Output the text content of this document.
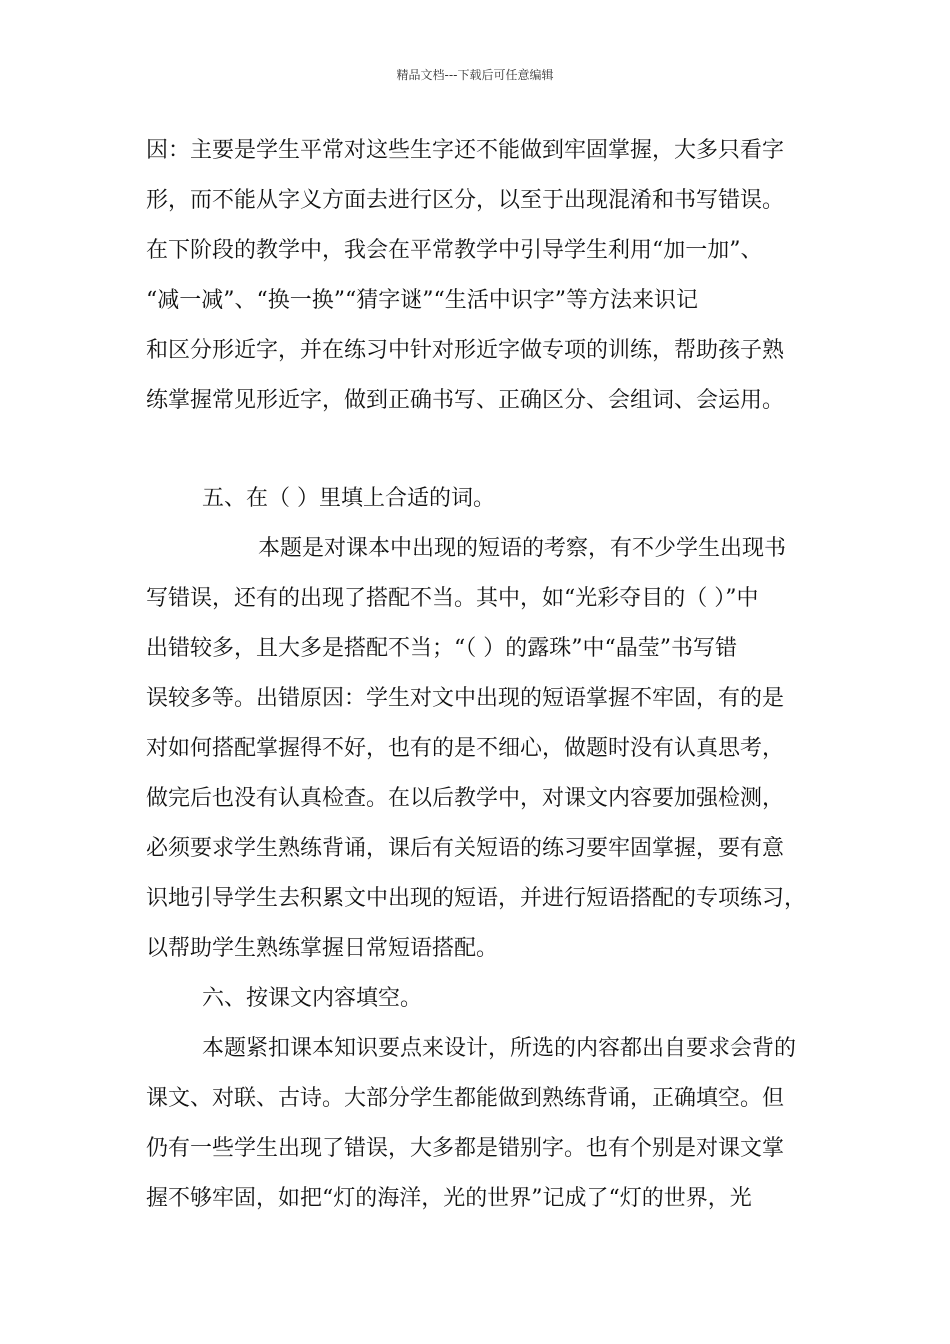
精品文档---下载后可任意编辑
因：主要是学生平常对这些生字还不能做到牢固掌握，大多只看字
形，而不能从字义方面去进行区分，以至于出现混淆和书写错误。
在下阶段的教学中，我会在平常教学中引导学生利用“加一加”、
“减一减”、“换一换”“猜字谜”“生活中识字”等方法来识记
和区分形近字，并在练习中针对形近字做专项的训练，帮助孩子熟
练掌握常见形近字，做到正确书写、正确区分、会组词、会运用。
五、在（ ）里填上合适的词。
本题是对课本中出现的短语的考察，有不少学生出现书
写错误，还有的出现了搭配不当。其中，如“光彩夺目的（ ）”中
出错较多，且大多是搭配不当；“（ ）的露珠”中“晶莹”书写错
误较多等。出错原因：学生对文中出现的短语掌握不牢固，有的是
对如何搭配掌握得不好，也有的是不细心，做题时没有认真思考，
做完后也没有认真检查。在以后教学中，对课文内容要加强检测，
必须要求学生熟练背诵，课后有关短语的练习要牢固掌握，要有意
识地引导学生去积累文中出现的短语，并进行短语搭配的专项练习，
以帮助学生熟练掌握日常短语搭配。
六、按课文内容填空。
本题紧扣课本知识要点来设计，所选的内容都出自要求会背的
课文、对联、古诗。大部分学生都能做到熟练背诵，正确填空。但
仍有一些学生出现了错误，大多都是错别字。也有个别是对课文掌
握不够牢固，如把“灯的海洋，光的世界”记成了“灯的世界，光
